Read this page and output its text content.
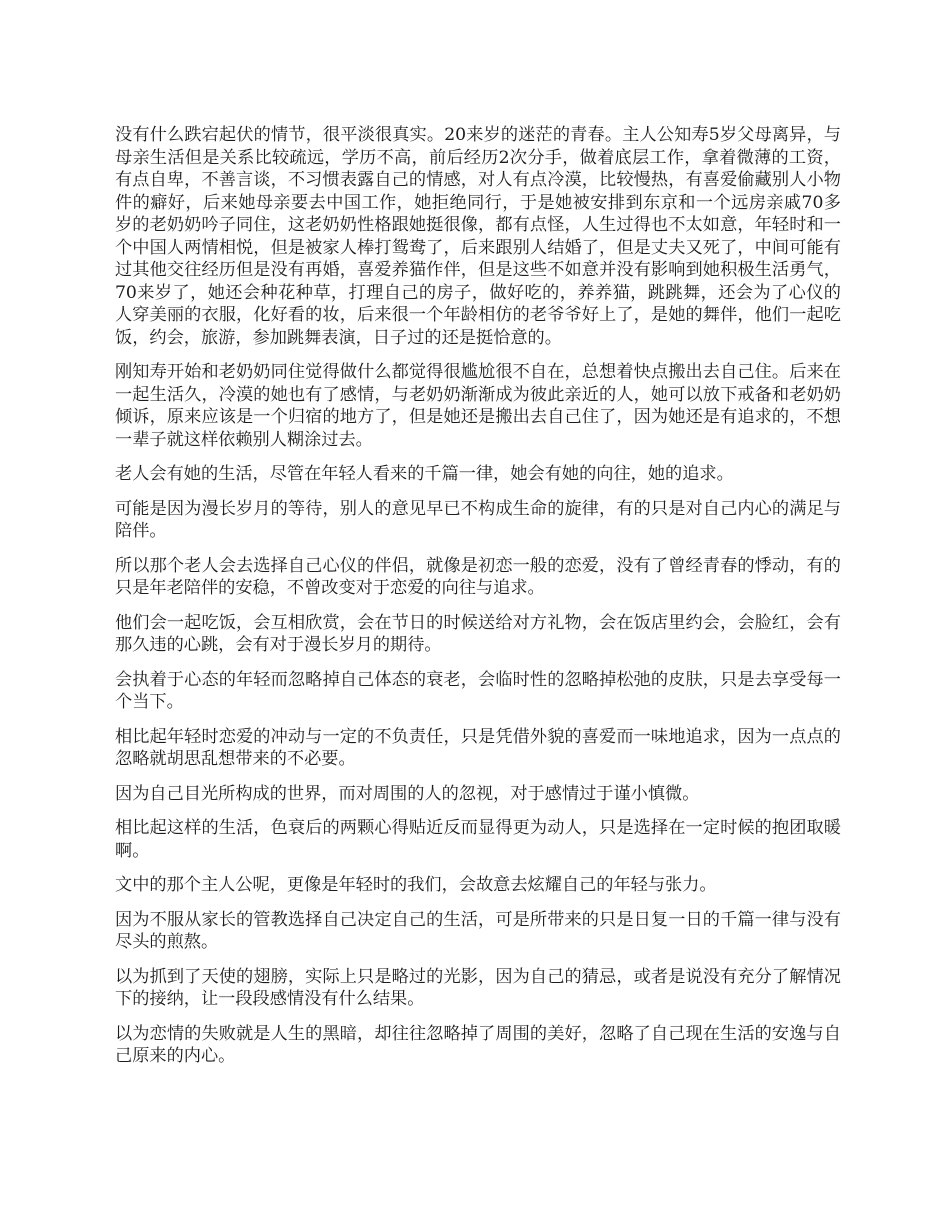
没有什么跌宕起伏的情节，很平淡很真实。20来岁的迷茫的青春。主人公知寿5岁父母离异，与母亲生活但是关系比较疏远，学历不高，前后经历2次分手，做着底层工作，拿着微薄的工资，有点自卑，不善言谈，不习惯表露自己的情感，对人有点冷漠，比较慢热，有喜爱偷藏别人小物件的癖好，后来她母亲要去中国工作，她拒绝同行，于是她被安排到东京和一个远房亲戚70多岁的老奶奶吟子同住，这老奶奶性格跟她挺很像，都有点怪，人生过得也不太如意，年轻时和一个中国人两情相悦，但是被家人棒打鸳鸯了，后来跟别人结婚了，但是丈夫又死了，中间可能有过其他交往经历但是没有再婚，喜爱养猫作伴，但是这些不如意并没有影响到她积极生活勇气，70来岁了，她还会种花种草，打理自己的房子，做好吃的，养养猫，跳跳舞，还会为了心仪的人穿美丽的衣服，化好看的妆，后来很一个年龄相仿的老爷爷好上了，是她的舞伴，他们一起吃饭，约会，旅游，参加跳舞表演，日子过的还是挺恰意的。

刚知寿开始和老奶奶同住觉得做什么都觉得很尴尬很不自在，总想着快点搬出去自己住。后来在一起生活久，冷漠的她也有了感情，与老奶奶渐渐成为彼此亲近的人，她可以放下戒备和老奶奶倾诉，原来应该是一个归宿的地方了，但是她还是搬出去自己住了，因为她还是有追求的，不想一辈子就这样依赖别人糊涂过去。

老人会有她的生活，尽管在年轻人看来的千篇一律，她会有她的向往，她的追求。

可能是因为漫长岁月的等待，别人的意见早已不构成生命的旋律，有的只是对自己内心的满足与陪伴。

所以那个老人会去选择自己心仪的伴侣，就像是初恋一般的恋爱，没有了曾经青春的悸动，有的只是年老陪伴的安稳，不曾改变对于恋爱的向往与追求。

他们会一起吃饭，会互相欣赏，会在节日的时候送给对方礼物，会在饭店里约会，会脸红，会有那久违的心跳，会有对于漫长岁月的期待。

会执着于心态的年轻而忽略掉自己体态的衰老，会临时性的忽略掉松弛的皮肤，只是去享受每一个当下。

相比起年轻时恋爱的冲动与一定的不负责任，只是凭借外貌的喜爱而一味地追求，因为一点点的忽略就胡思乱想带来的不必要。

因为自己目光所构成的世界，而对周围的人的忽视，对于感情过于谨小慎微。

相比起这样的生活，色衰后的两颗心得贴近反而显得更为动人，只是选择在一定时候的抱团取暖啊。

文中的那个主人公呢，更像是年轻时的我们，会故意去炫耀自己的年轻与张力。

因为不服从家长的管教选择自己决定自己的生活，可是所带来的只是日复一日的千篇一律与没有尽头的煎熬。

以为抓到了天使的翅膀，实际上只是略过的光影，因为自己的猜忌，或者是说没有充分了解情况下的接纳，让一段段感情没有什么结果。

以为恋情的失败就是人生的黑暗，却往往忽略掉了周围的美好，忽略了自己现在生活的安逸与自己原来的内心。
